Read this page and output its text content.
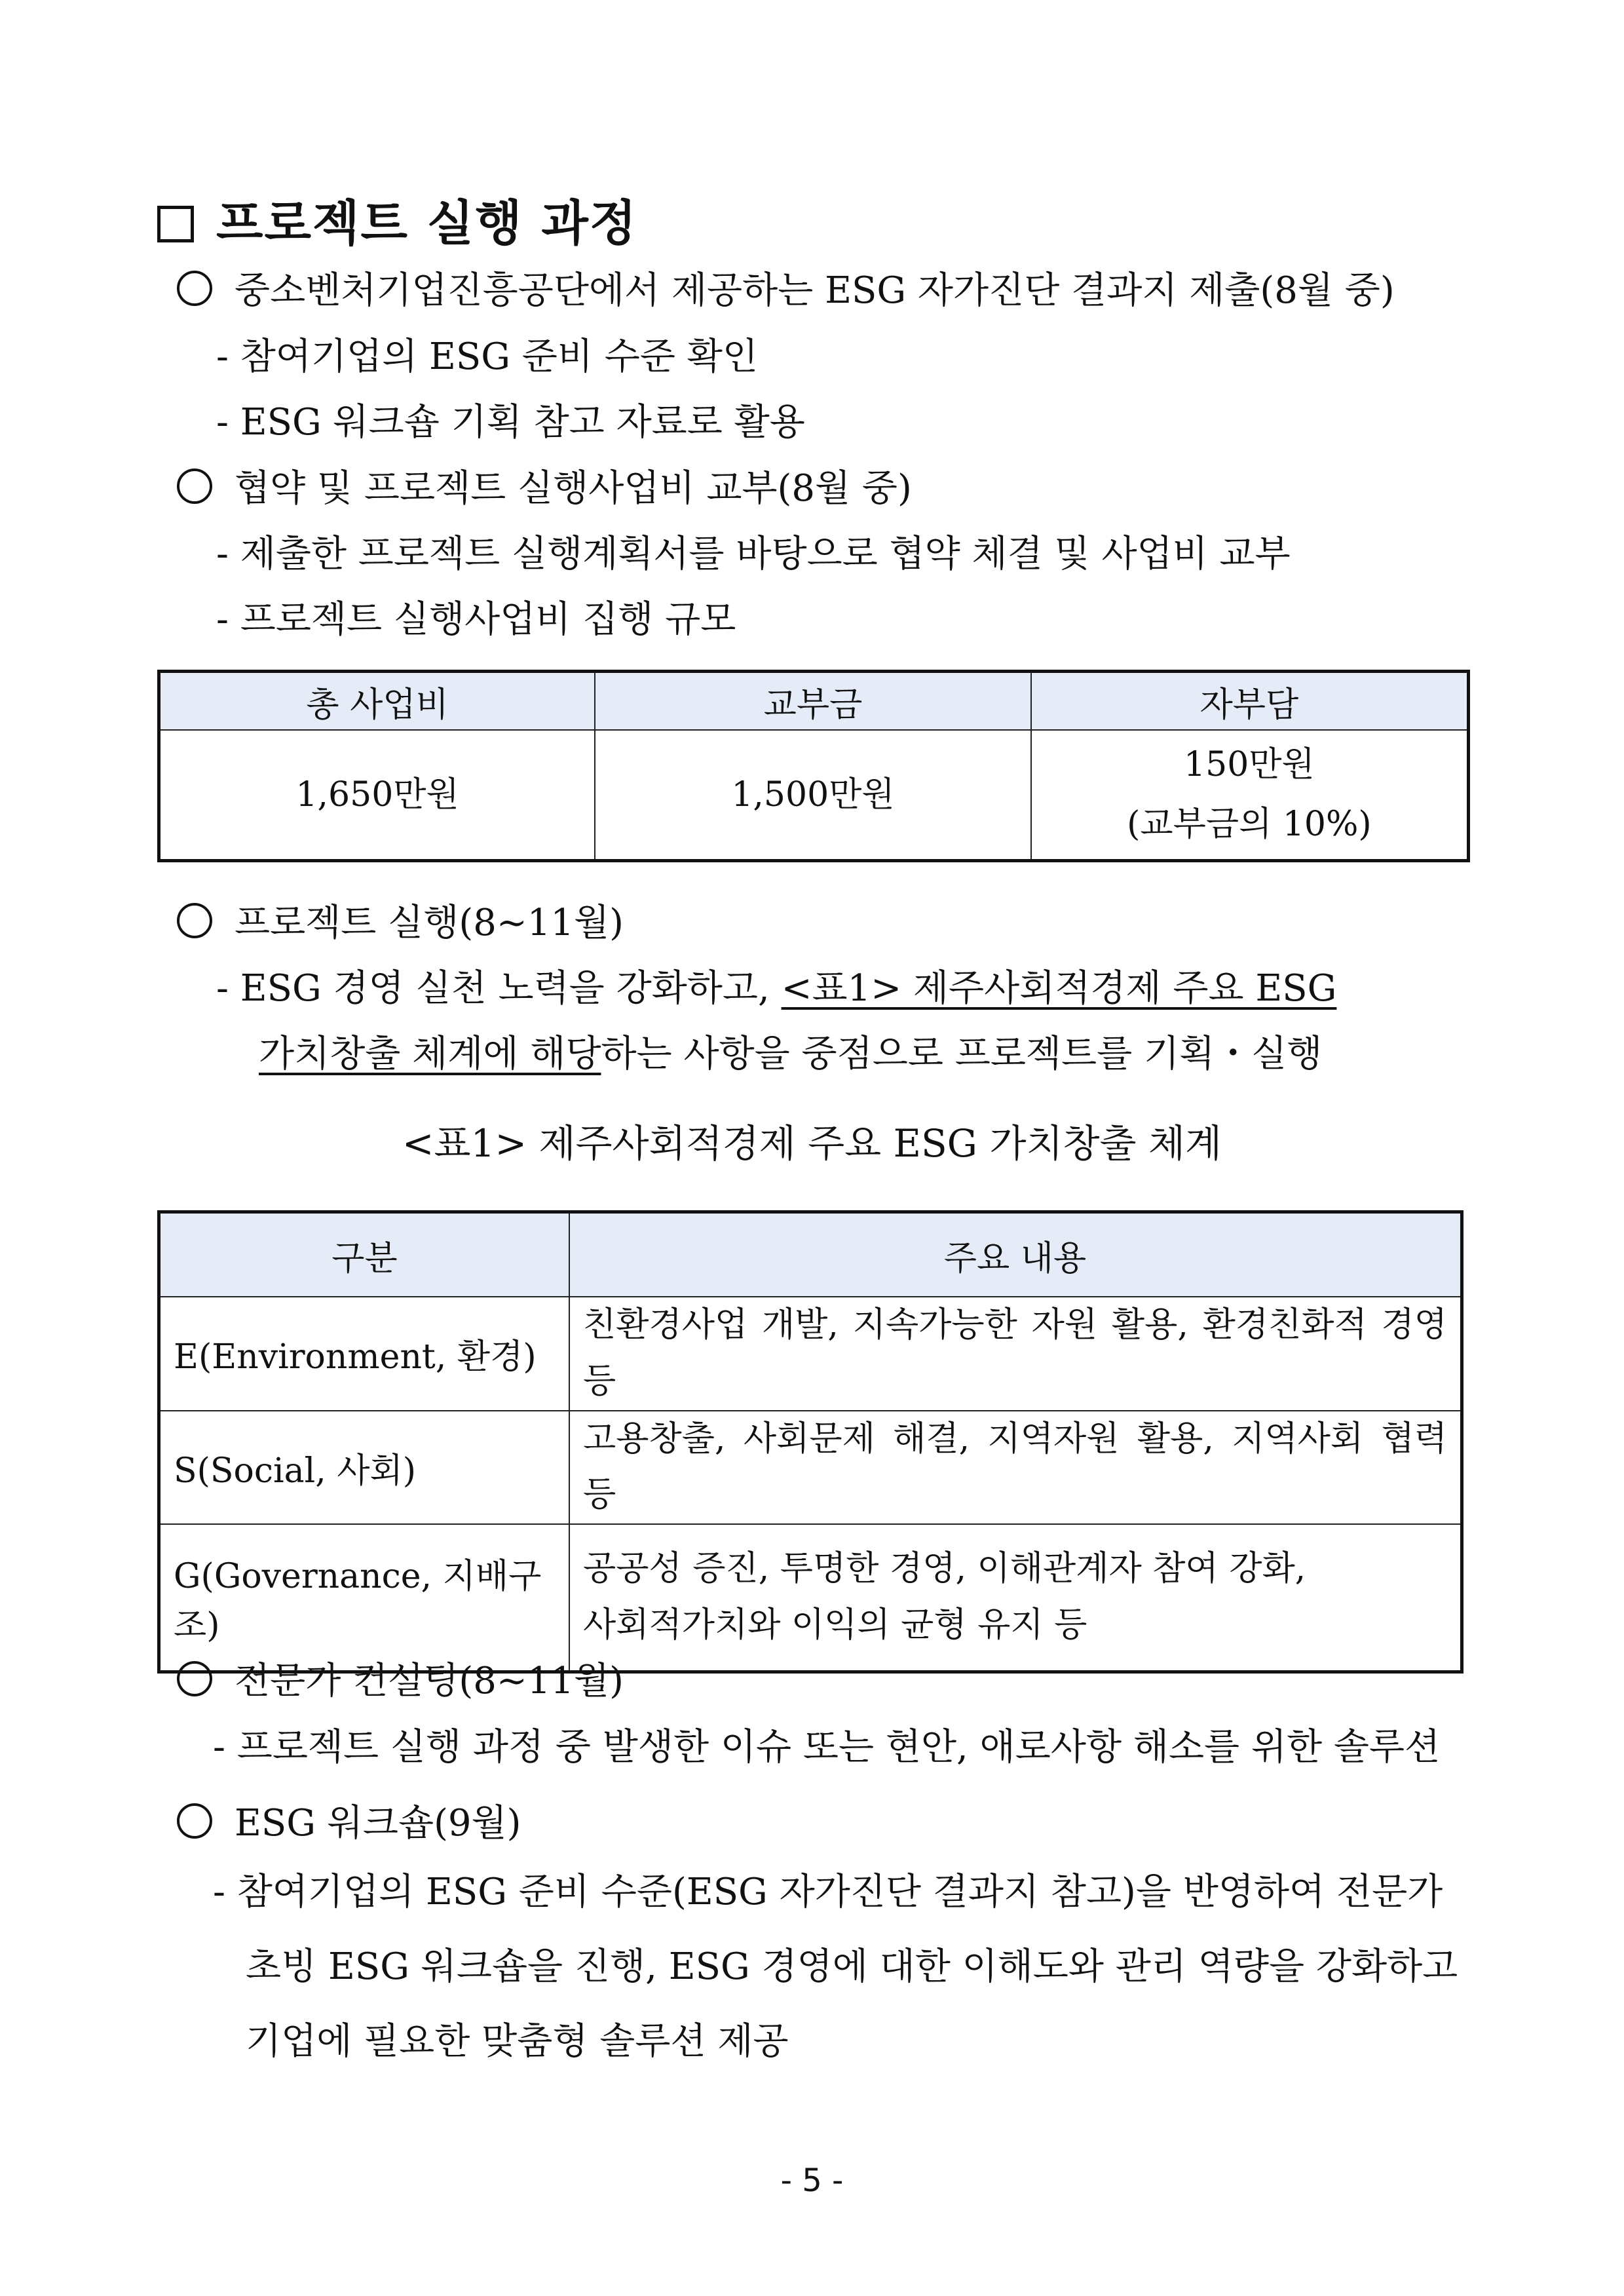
프로젝트 실행 과정
중소벤처기업진흥공단에서 제공하는 ESG 자가진단 결과지 제출(8월 중)
- 참여기업의 ESG 준비 수준 확인
- ESG 워크숍 기획 참고 자료로 활용
협약 및 프로젝트 실행사업비 교부(8월 중)
- 제출한 프로젝트 실행계획서를 바탕으로 협약 체결 및 사업비 교부
- 프로젝트 실행사업비 집행 규모
총 사업비	교부금	자부담
1,650만원	1,500만원	150만원
(교부금의 10%)
프로젝트 실행(8~11월)
- ESG 경영 실천 노력을 강화하고, <표1> 제주사회적경제 주요 ESG
가치창출 체계에 해당하는 사항을 중점으로 프로젝트를 기획・실행
<표1> 제주사회적경제 주요 ESG 가치창출 체계
구분	주요 내용
E(Environment, 환경)	친환경사업 개발, 지속가능한 자원 활용, 환경친화적 경영 등
S(Social, 사회)	고용창출, 사회문제 해결, 지역자원 활용, 지역사회 협력 등
G(Governance, 지배구조)	공공성 증진, 투명한 경영, 이해관계자 참여 강화,
사회적가치와 이익의 균형 유지 등
전문가 컨설팅(8~11월)
- 프로젝트 실행 과정 중 발생한 이슈 또는 현안, 애로사항 해소를 위한 솔루션
ESG 워크숍(9월)
- 참여기업의 ESG 준비 수준(ESG 자가진단 결과지 참고)을 반영하여 전문가
초빙 ESG 워크숍을 진행, ESG 경영에 대한 이해도와 관리 역량을 강화하고
기업에 필요한 맞춤형 솔루션 제공
- 5 -
